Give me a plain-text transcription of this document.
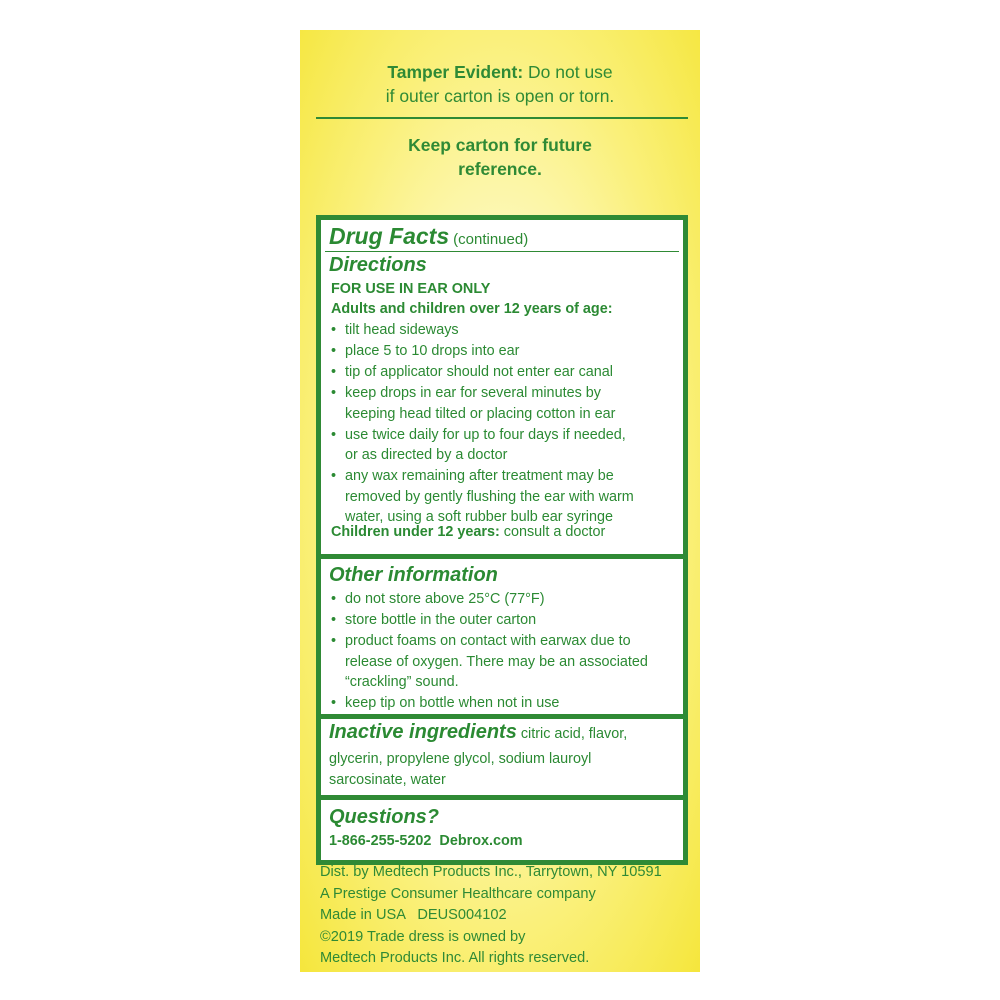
Tamper Evident: Do not use
if outer carton is open or torn.
Keep carton for future
reference.
Drug Facts (continued)
Directions
FOR USE IN EAR ONLY
Adults and children over 12 years of age:
• tilt head sideways
• place 5 to 10 drops into ear
• tip of applicator should not enter ear canal
• keep drops in ear for several minutes by
keeping head tilted or placing cotton in ear
• use twice daily for up to four days if needed,
or as directed by a doctor
• any wax remaining after treatment may be
removed by gently flushing the ear with warm
water, using a soft rubber bulb ear syringe
Children under 12 years: consult a doctor
Other information
• do not store above 25°C (77°F)
• store bottle in the outer carton
• product foams on contact with earwax due to
release of oxygen. There may be an associated
“crackling” sound.
• keep tip on bottle when not in use
Inactive ingredients citric acid, flavor,
glycerin, propylene glycol, sodium lauroyl
sarcosinate, water
Questions?
1-866-255-5202 Debrox.com
Dist. by Medtech Products Inc., Tarrytown, NY 10591
A Prestige Consumer Healthcare company
Made in USA   DEUS004102
©2019 Trade dress is owned by
Medtech Products Inc. All rights reserved.
